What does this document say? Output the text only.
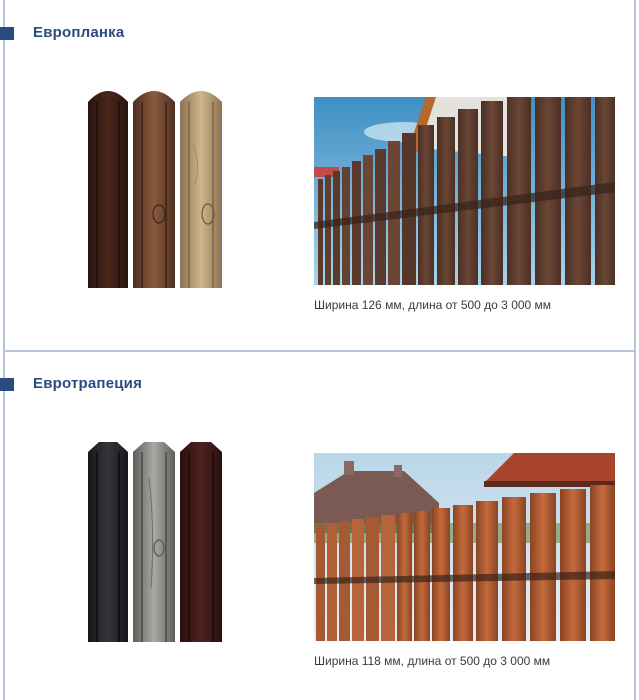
Европланка
Ширина 126 мм, длина от 500 до 3 000 мм
Евротрапеция
Ширина 118 мм, длина от 500 до 3 000 мм
